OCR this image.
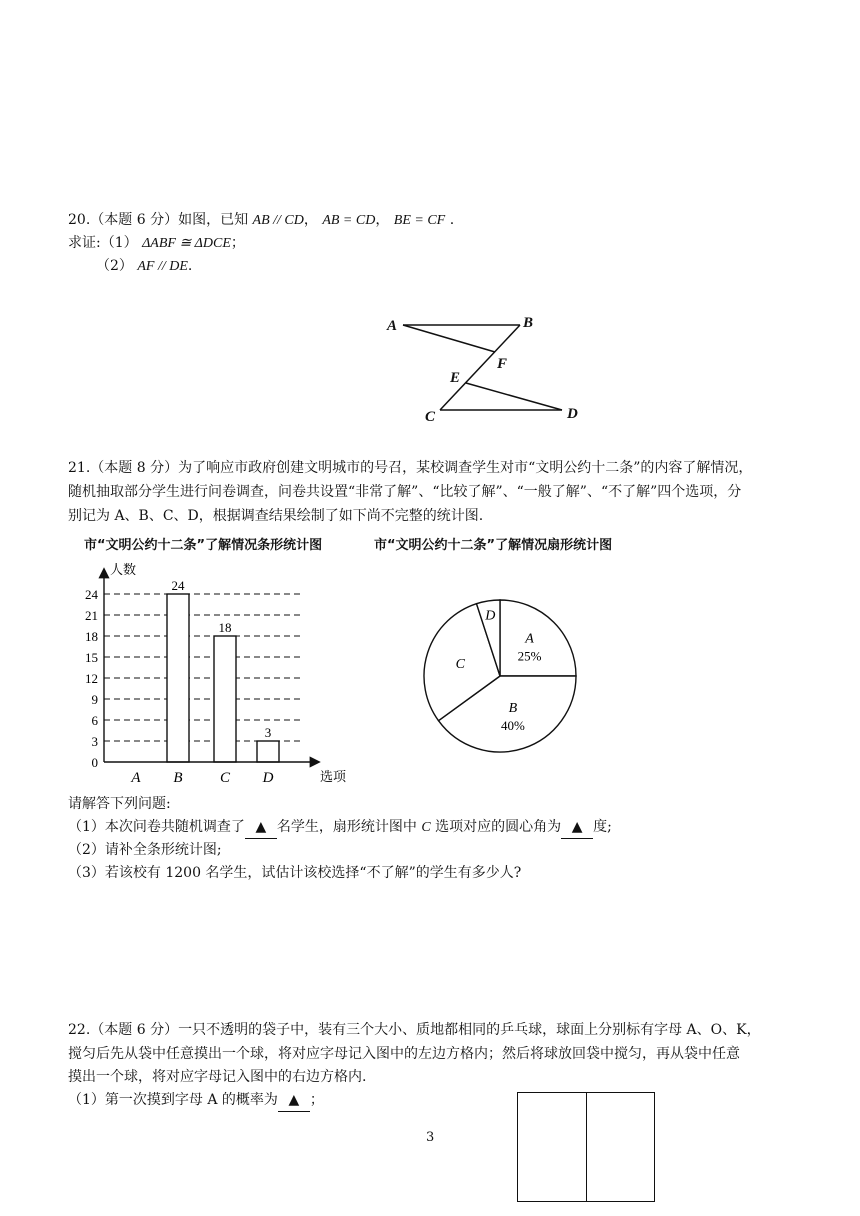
20.（本题 6 分）如图，已知 AB // CD， AB = CD， BE = CF .
求证:（1） ΔABF ≅ ΔDCE；
（2） AF // DE.
A	B
F
E
C	D
21.（本题 8 分）为了响应市政府创建文明城市的号召，某校调查学生对市“文明公约十二条”的内容了解情况，
随机抽取部分学生进行问卷调查，问卷共设置“非常了解”、“比较了解”、“一般了解”、“不了解”四个选项，分
别记为 A、B、C、D，根据调查结果绘制了如下尚不完整的统计图.
市“文明公约十二条”了解情况条形统计图	市“文明公约十二条”了解情况扇形统计图
0
3
6
9
12
15
18
21
24
A B C D
24
18
3
人数
选项
A
25%
B
40%
C
D
请解答下列问题:
（1）本次问卷共随机调查了 ▲ 名学生，扇形统计图中 C 选项对应的圆心角为 ▲ 度;
（2）请补全条形统计图;
（3）若该校有 1200 名学生，试估计该校选择“不了解”的学生有多少人?
22.（本题 6 分）一只不透明的袋子中，装有三个大小、质地都相同的乒乓球，球面上分别标有字母 A、O、K，
搅匀后先从袋中任意摸出一个球，将对应字母记入图中的左边方格内；然后将球放回袋中搅匀，再从袋中任意
摸出一个球，将对应字母记入图中的右边方格内.
（1）第一次摸到字母 A 的概率为 ▲ ；
3
